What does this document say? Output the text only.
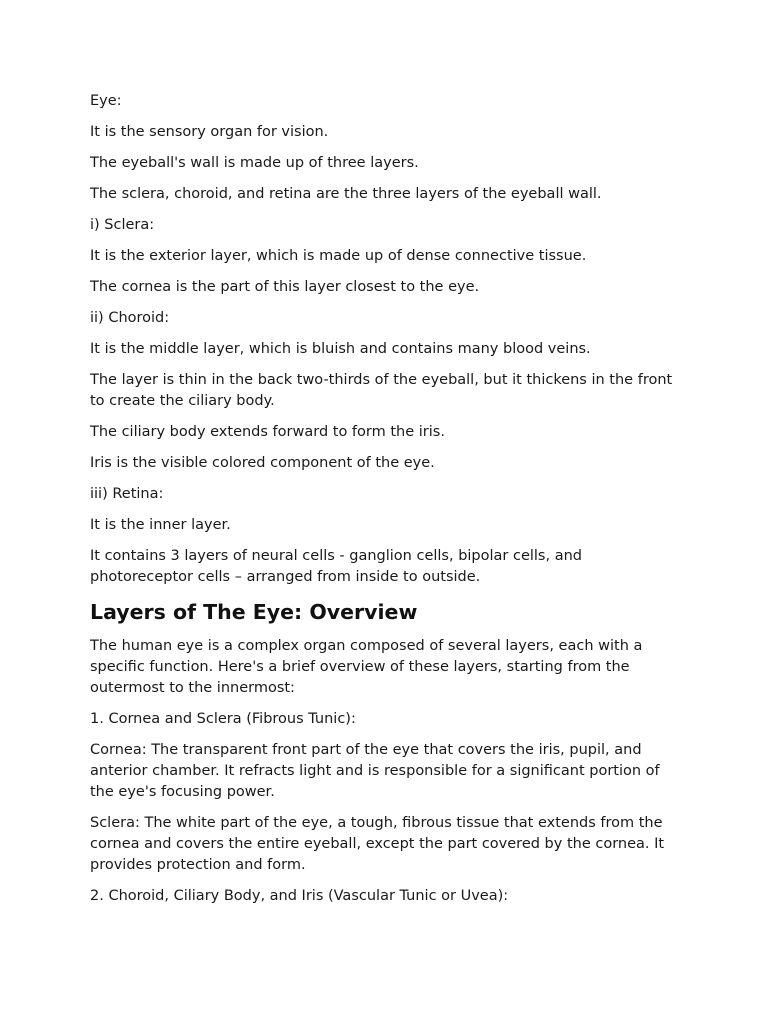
Eye:

It is the sensory organ for vision.

The eyeball's wall is made up of three layers.

The sclera, choroid, and retina are the three layers of the eyeball wall.

i) Sclera:

It is the exterior layer, which is made up of dense connective tissue.

The cornea is the part of this layer closest to the eye.

ii) Choroid:

It is the middle layer, which is bluish and contains many blood veins.

The layer is thin in the back two-thirds of the eyeball, but it thickens in the front to create the ciliary body.

The ciliary body extends forward to form the iris.

Iris is the visible colored component of the eye.

iii) Retina:

It is the inner layer.

It contains 3 layers of neural cells - ganglion cells, bipolar cells, and photoreceptor cells – arranged from inside to outside.

Layers of The Eye: Overview

The human eye is a complex organ composed of several layers, each with a specific function. Here's a brief overview of these layers, starting from the outermost to the innermost:

1. Cornea and Sclera (Fibrous Tunic):

Cornea: The transparent front part of the eye that covers the iris, pupil, and anterior chamber. It refracts light and is responsible for a significant portion of the eye's focusing power.

Sclera: The white part of the eye, a tough, fibrous tissue that extends from the cornea and covers the entire eyeball, except the part covered by the cornea. It provides protection and form.

2. Choroid, Ciliary Body, and Iris (Vascular Tunic or Uvea):
